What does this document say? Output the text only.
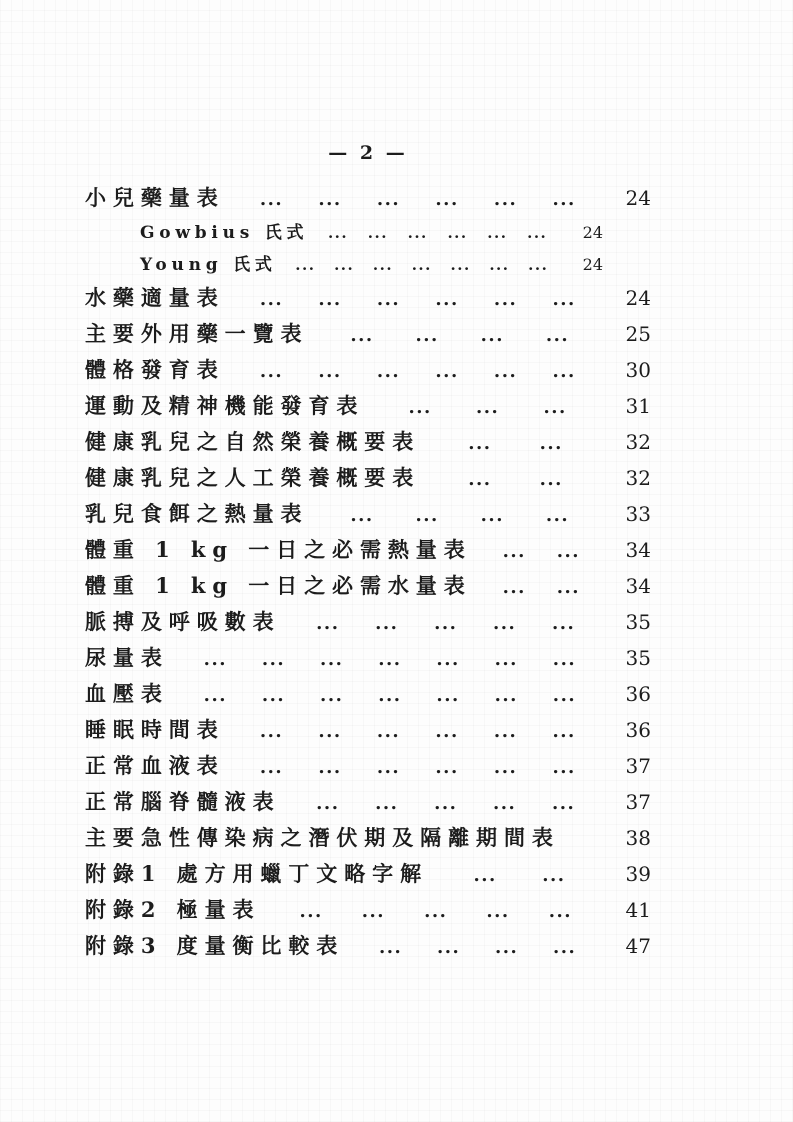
— 2 —
小兒藥量表 ... ... ... ... ... ...	24
Gowbius 氏式 ... ... ... ... ... ...	24
Young 氏式 ... ... ... ... ... ... ...	24
水藥適量表 ... ... ... ... ... ...	24
主要外用藥一覽表 ... ... ... ...	25
體格發育表 ... ... ... ... ... ...	30
運動及精神機能發育表 ... ... ...	31
健康乳兒之自然榮養概要表	...	...	32
健康乳兒之人工榮養概要表	...	...	32
乳兒食餌之熱量表 ... ... ... ...	33
體重 1 kg 一日之必需熱量表 ... ...	34
體重 1 kg 一日之必需水量表 ... ...	34
脈搏及呼吸數表 ... ... ... ... ...	35
尿量表 ... ... ... ... ... ... ...	35
血壓表 ... ... ... ... ... ... ...	36
睡眠時間表 ... ... ... ... ... ...	36
正常血液表 ... ... ... ... ... ...	37
正常腦脊髓液表 ... ... ... ... ...	37
主要急性傳染病之潛伏期及隔離期間表	38
附錄1 處方用蠟丁文略字解	...	...	39
附錄2 極量表 ... ... ... ... ...	41
附錄3 度量衡比較表 ... ... ... ...	47
